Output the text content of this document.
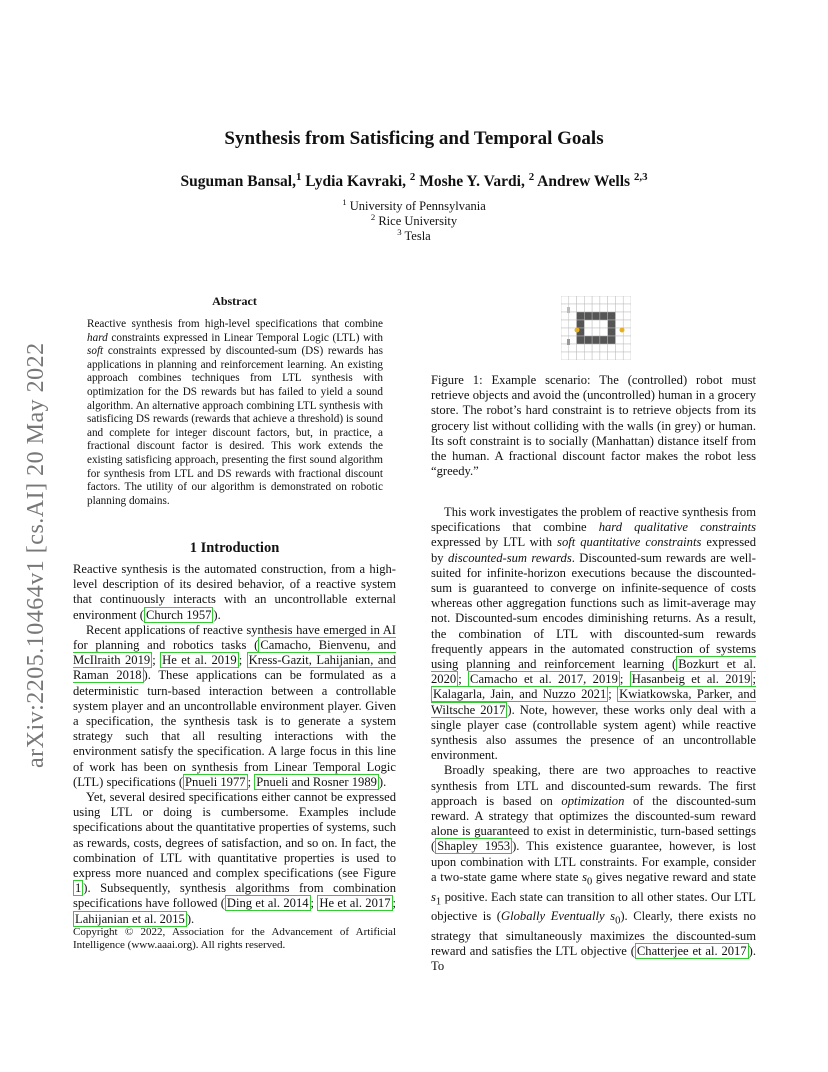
arXiv:2205.10464v1 [cs.AI] 20 May 2022
Synthesis from Satisficing and Temporal Goals
Suguman Bansal,$^1$ Lydia Kavraki, $^2$ Moshe Y. Vardi, $^2$ Andrew Wells $^{2,3}$
$^1$ University of Pennsylvania
$^2$ Rice University
$^3$ Tesla
Abstract
Reactive synthesis from high-level specifications that combine hard constraints expressed in Linear Temporal Logic (LTL) with soft constraints expressed by discounted-sum (DS) rewards has applications in planning and reinforcement learning. An existing approach combines techniques from LTL synthesis with optimization for the DS rewards but has failed to yield a sound algorithm. An alternative approach combining LTL synthesis with satisficing DS rewards (rewards that achieve a threshold) is sound and complete for integer discount factors, but, in practice, a fractional discount factor is desired. This work extends the existing satisficing approach, presenting the first sound algorithm for synthesis from LTL and DS rewards with fractional discount factors. The utility of our algorithm is demonstrated on robotic planning domains.
1 Introduction

Reactive synthesis is the automated construction, from a high-level description of its desired behavior, of a reactive system that continuously interacts with an uncontrollable external environment ( Church 1957 ).

Recent applications of reactive synthesis have emerged in AI for planning and robotics tasks ( Camacho, Bienvenu, and McIlraith 2019 ; He et al. 2019 ; Kress-Gazit, Lahijanian, and Raman 2018 ). These applications can be formulated as a deterministic turn-based interaction between a controllable system player and an uncontrollable environment player. Given a specification, the synthesis task is to generate a system strategy such that all resulting interactions with the environment satisfy the specification. A large focus in this line of work has been on synthesis from Linear Temporal Logic (LTL) specifications ( Pnueli 1977 ; Pnueli and Rosner 1989 ).

Yet, several desired specifications either cannot be expressed using LTL or doing is cumbersome. Examples include specifications about the quantitative properties of systems, such as rewards, costs, degrees of satisfaction, and so on. In fact, the combination of LTL with quantitative properties is used to express more nuanced and complex specifications (see Figure 1 ). Subsequently, synthesis algorithms from combination specifications have followed ( Ding et al. 2014 ; He et al. 2017 ; Lahijanian et al. 2015 ).

Copyright © 2022, Association for the Advancement of Artificial Intelligence (www.aaai.org). All rights reserved.
Figure 1: Example scenario: The (controlled) robot must retrieve objects and avoid the (uncontrolled) human in a grocery store. The robot’s hard constraint is to retrieve objects from its grocery list without colliding with the walls (in grey) or human. Its soft constraint is to socially (Manhattan) distance itself from the human. A fractional discount factor makes the robot less “greedy.”

This work investigates the problem of reactive synthesis from specifications that combine hard qualitative constraints expressed by LTL with soft quantitative constraints expressed by discounted-sum rewards. Discounted-sum rewards are well-suited for infinite-horizon executions because the discounted-sum is guaranteed to converge on infinite-sequence of costs whereas other aggregation functions such as limit-average may not. Discounted-sum encodes diminishing returns. As a result, the combination of LTL with discounted-sum rewards frequently appears in the automated construction of systems using planning and reinforcement learning ( Bozkurt et al. 2020 ; Camacho et al. 2017, 2019 ; Hasanbeig et al. 2019 ; Kalagarla, Jain, and Nuzzo 2021 ; Kwiatkowska, Parker, and Wiltsche 2017 ). Note, however, these works only deal with a single player case (controllable system agent) while reactive synthesis also assumes the presence of an uncontrollable environment.

Broadly speaking, there are two approaches to reactive synthesis from LTL and discounted-sum rewards. The first approach is based on optimization of the discounted-sum reward. A strategy that optimizes the discounted-sum reward alone is guaranteed to exist in deterministic, turn-based settings ( Shapley 1953 ). This existence guarantee, however, is lost upon combination with LTL constraints. For example, consider a two-state game where state $s_0$ gives negative reward and state $s_1$ positive. Each state can transition to all other states. Our LTL objective is (Globally Eventually $s_0$). Clearly, there exists no strategy that simultaneously maximizes the discounted-sum reward and satisfies the LTL objective ( Chatterjee et al. 2017 ). To
